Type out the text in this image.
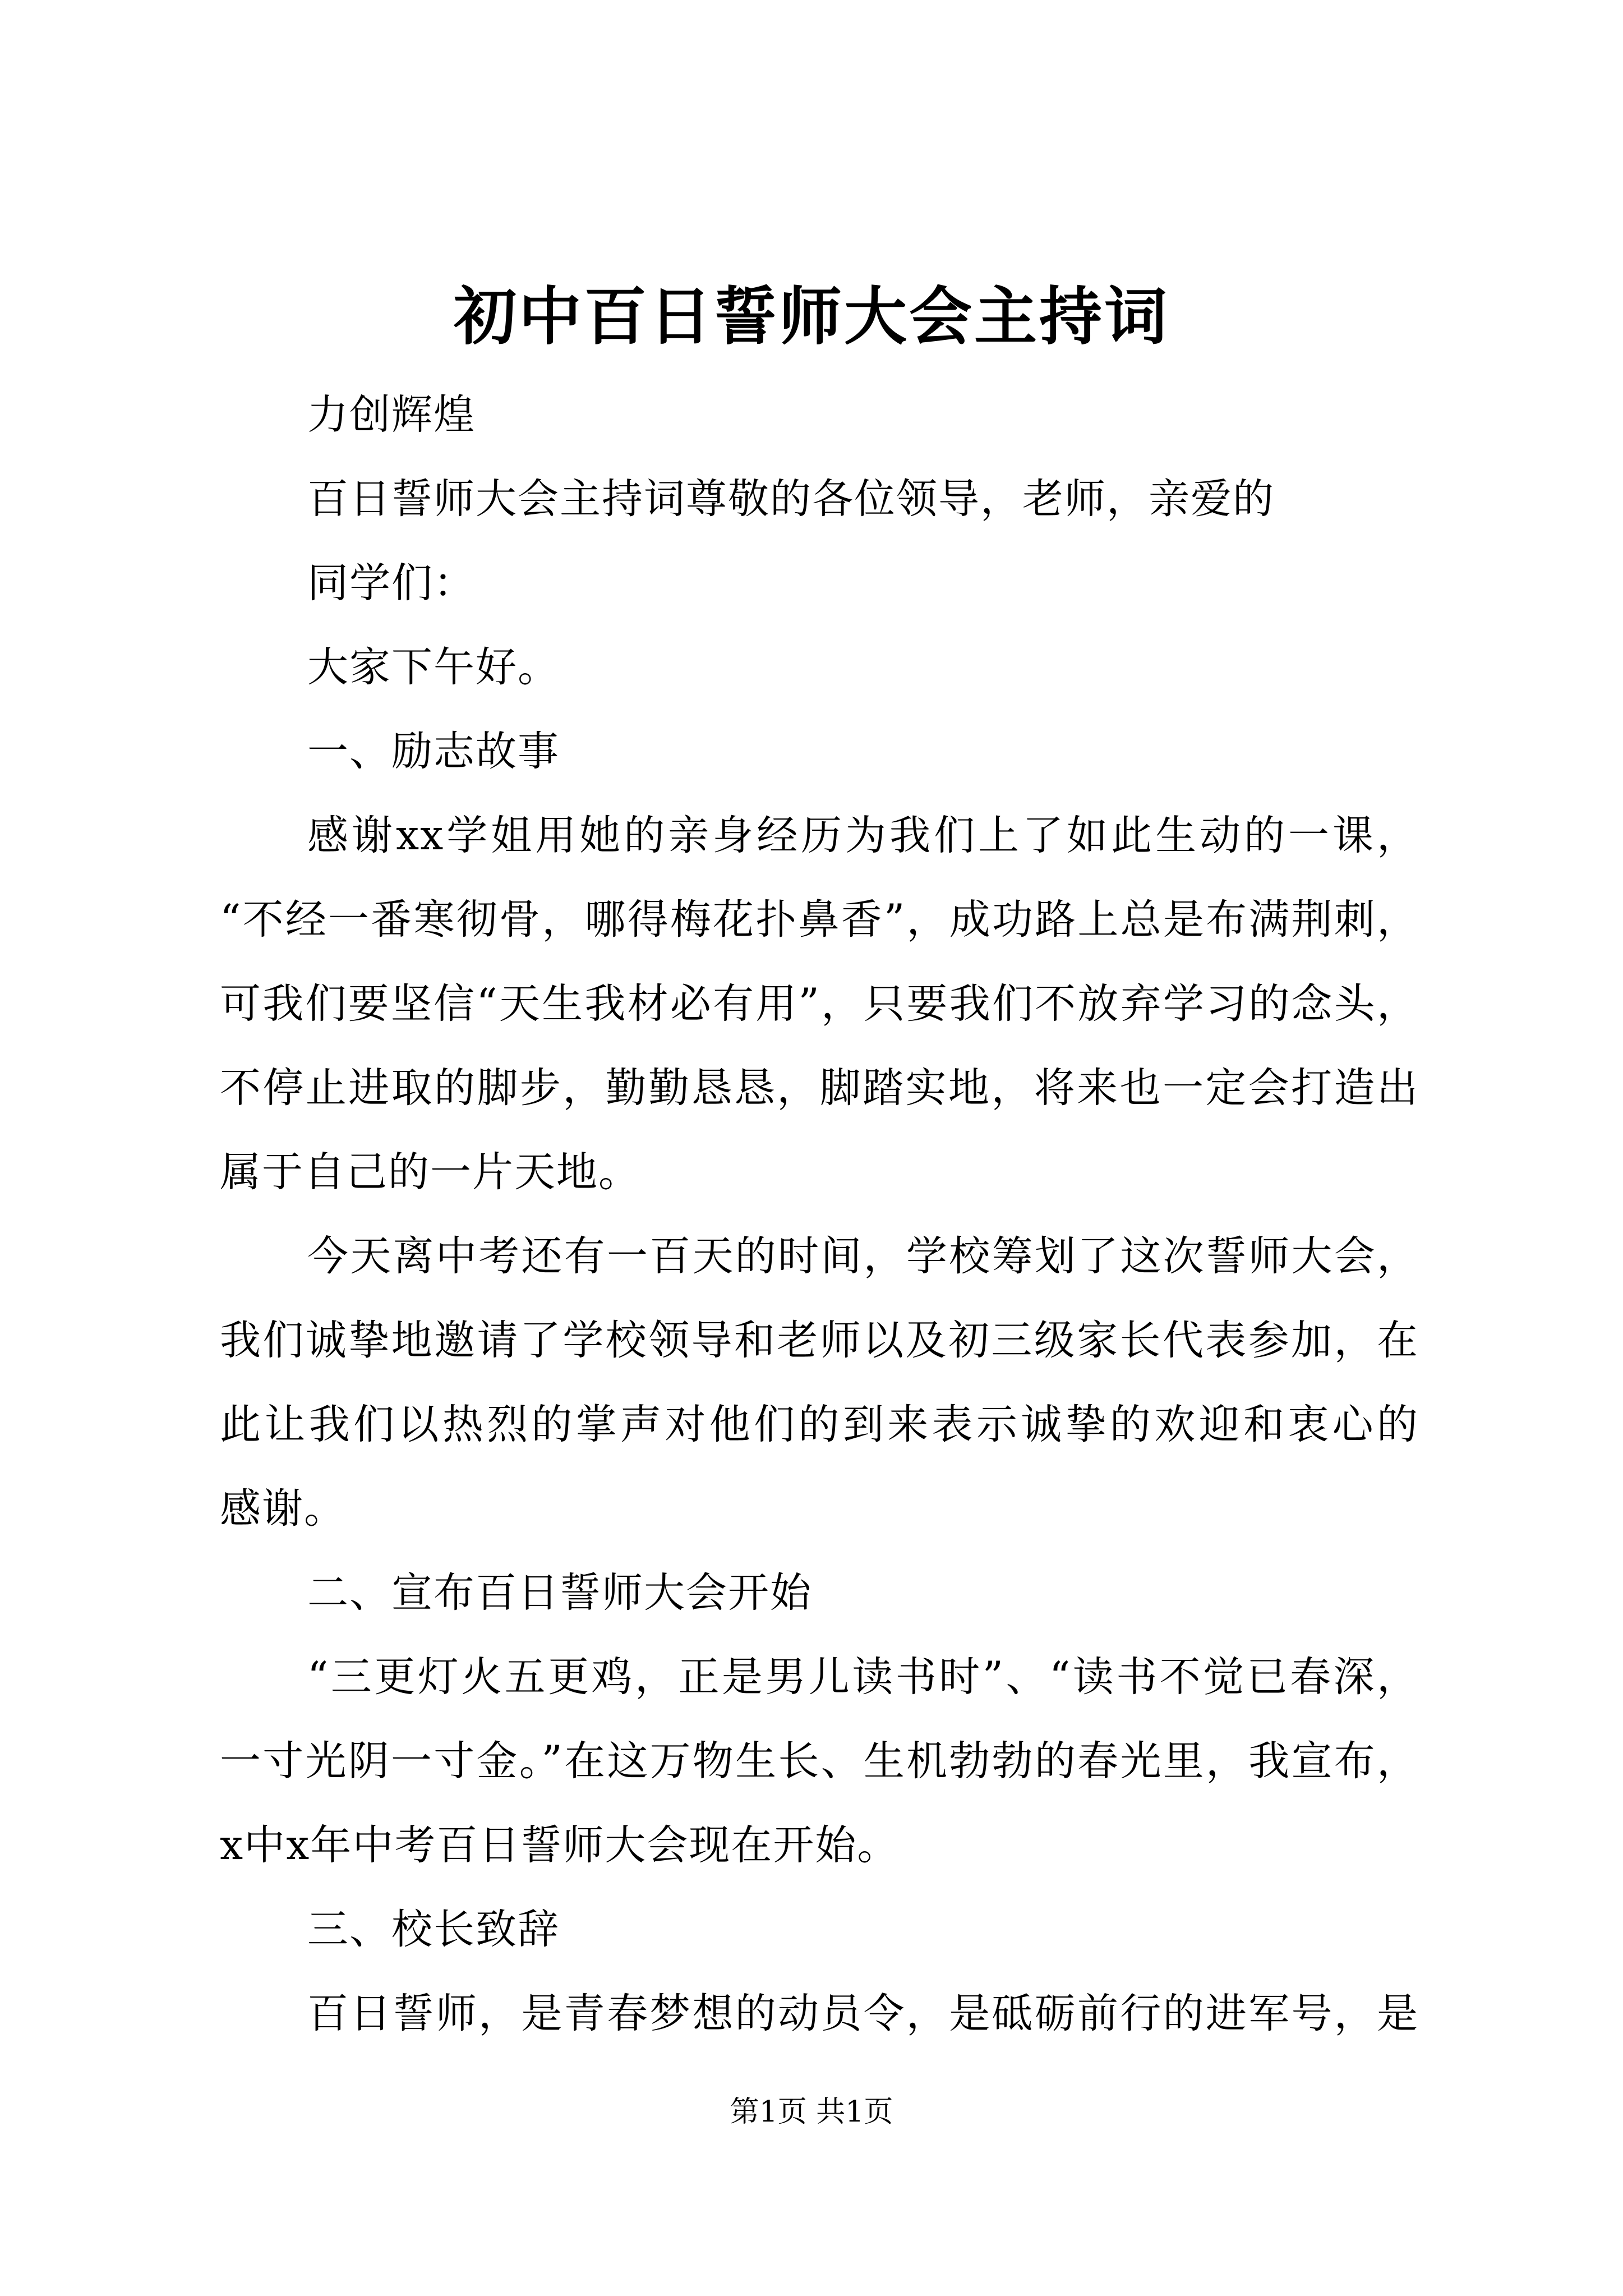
初中百日誓师大会主持词
力创辉煌
百日誓师大会主持词尊敬的各位领导，老师，亲爱的
同学们：
大家下午好。
一、励志故事
感谢xx学姐用她的亲身经历为我们上了如此生动的一课，
“不经一番寒彻骨，哪得梅花扑鼻香”，成功路上总是布满荆刺，
可我们要坚信“天生我材必有用”，只要我们不放弃学习的念头，
不停止进取的脚步，勤勤恳恳，脚踏实地，将来也一定会打造出
属于自己的一片天地。
今天离中考还有一百天的时间，学校筹划了这次誓师大会，
我们诚挚地邀请了学校领导和老师以及初三级家长代表参加，在
此让我们以热烈的掌声对他们的到来表示诚挚的欢迎和衷心的
感谢。
二、宣布百日誓师大会开始
“三更灯火五更鸡，正是男儿读书时”、“读书不觉已春深，
一寸光阴一寸金。”在这万物生长、生机勃勃的春光里，我宣布，
x中x年中考百日誓师大会现在开始。
三、校长致辞
百日誓师，是青春梦想的动员令，是砥砺前行的进军号，是
第1页 共1页
